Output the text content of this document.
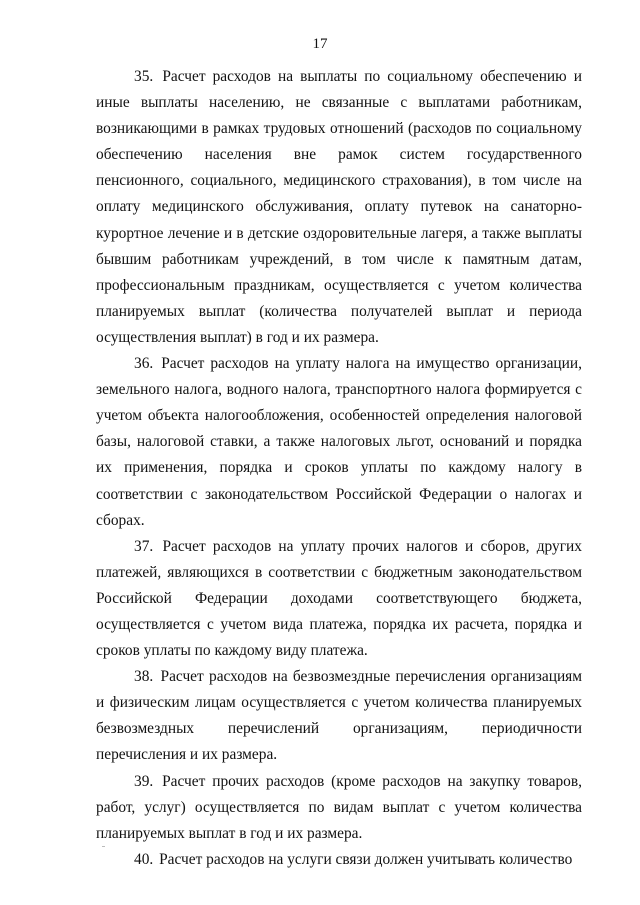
17

35. Расчет расходов на выплаты по социальному обеспечению и иные выплаты населению, не связанные с выплатами работникам, возникающими в рамках трудовых отношений (расходов по социальному обеспечению населения вне рамок систем государственного пенсионного, социального, медицинского страхования), в том числе на оплату медицинского обслуживания, оплату путевок на санаторно-курортное лечение и в детские оздоровительные лагеря, а также выплаты бывшим работникам учреждений, в том числе к памятным датам, профессиональным праздникам, осуществляется с учетом количества планируемых выплат (количества получателей выплат и периода осуществления выплат) в год и их размера.

36. Расчет расходов на уплату налога на имущество организации, земельного налога, водного налога, транспортного налога формируется с учетом объекта налогообложения, особенностей определения налоговой базы, налоговой ставки, а также налоговых льгот, оснований и порядка их применения, порядка и сроков уплаты по каждому налогу в соответствии с законодательством Российской Федерации о налогах и сборах.

37. Расчет расходов на уплату прочих налогов и сборов, других платежей, являющихся в соответствии с бюджетным законодательством Российской Федерации доходами соответствующего бюджета, осуществляется с учетом вида платежа, порядка их расчета, порядка и сроков уплаты по каждому виду платежа.

38. Расчет расходов на безвозмездные перечисления организациям и физическим лицам осуществляется с учетом количества планируемых безвозмездных перечислений организациям, периодичности перечисления и их размера.

39. Расчет прочих расходов (кроме расходов на закупку товаров, работ, услуг) осуществляется по видам выплат с учетом количества планируемых выплат в год и их размера.

40. Расчет расходов на услуги связи должен учитывать количество
